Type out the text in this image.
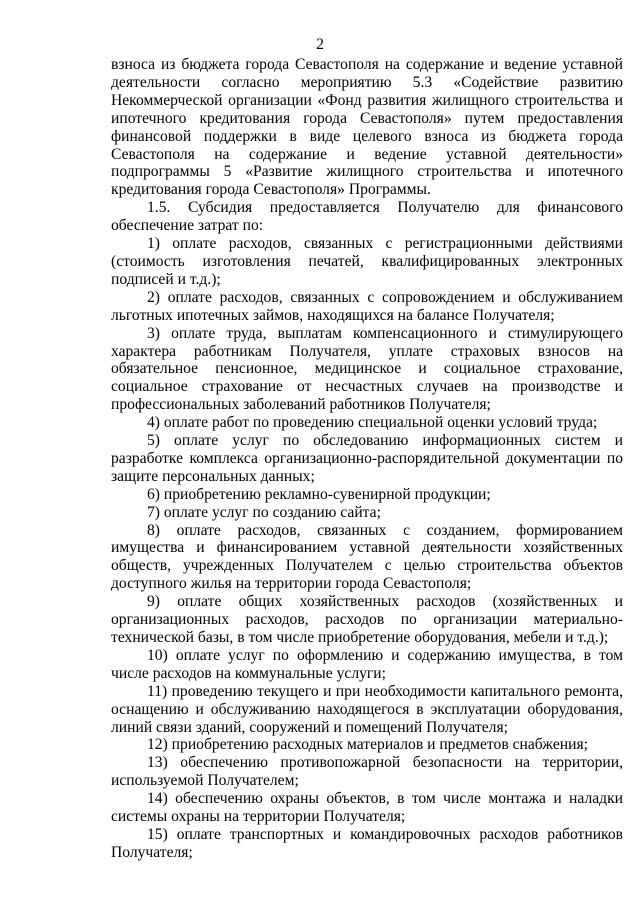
2

взноса из бюджета города Севастополя на содержание и ведение уставной деятельности согласно мероприятию 5.3 «Содействие развитию Некоммерческой организации «Фонд развития жилищного строительства и ипотечного кредитования города Севастополя» путем предоставления финансовой поддержки в виде целевого взноса из бюджета города Севастополя на содержание и ведение уставной деятельности» подпрограммы 5 «Развитие жилищного строительства и ипотечного кредитования города Севастополя» Программы.

1.5. Субсидия предоставляется Получателю для финансового обеспечение затрат по:

1) оплате расходов, связанных с регистрационными действиями (стоимость изготовления печатей, квалифицированных электронных подписей и т.д.);

2) оплате расходов, связанных с сопровождением и обслуживанием льготных ипотечных займов, находящихся на балансе Получателя;

3) оплате труда, выплатам компенсационного и стимулирующего характера работникам Получателя, уплате страховых взносов на обязательное пенсионное, медицинское и социальное страхование, социальное страхование от несчастных случаев на производстве и профессиональных заболеваний работников Получателя;

4) оплате работ по проведению специальной оценки условий труда;

5) оплате услуг по обследованию информационных систем и разработке комплекса организационно-распорядительной документации по защите персональных данных;

6) приобретению рекламно-сувенирной продукции;

7) оплате услуг по созданию сайта;

8) оплате расходов, связанных с созданием, формированием имущества и финансированием уставной деятельности хозяйственных обществ, учрежденных Получателем с целью строительства объектов доступного жилья на территории города Севастополя;

9) оплате общих хозяйственных расходов (хозяйственных и организационных расходов, расходов по организации материально-технической базы, в том числе приобретение оборудования, мебели и т.д.);

10) оплате услуг по оформлению и содержанию имущества, в том числе расходов на коммунальные услуги;

11) проведению текущего и при необходимости капитального ремонта, оснащению и обслуживанию находящегося в эксплуатации оборудования, линий связи зданий, сооружений и помещений Получателя;

12) приобретению расходных материалов и предметов снабжения;

13) обеспечению противопожарной безопасности на территории, используемой Получателем;

14) обеспечению охраны объектов, в том числе монтажа и наладки системы охраны на территории Получателя;

15) оплате транспортных и командировочных расходов работников Получателя;
